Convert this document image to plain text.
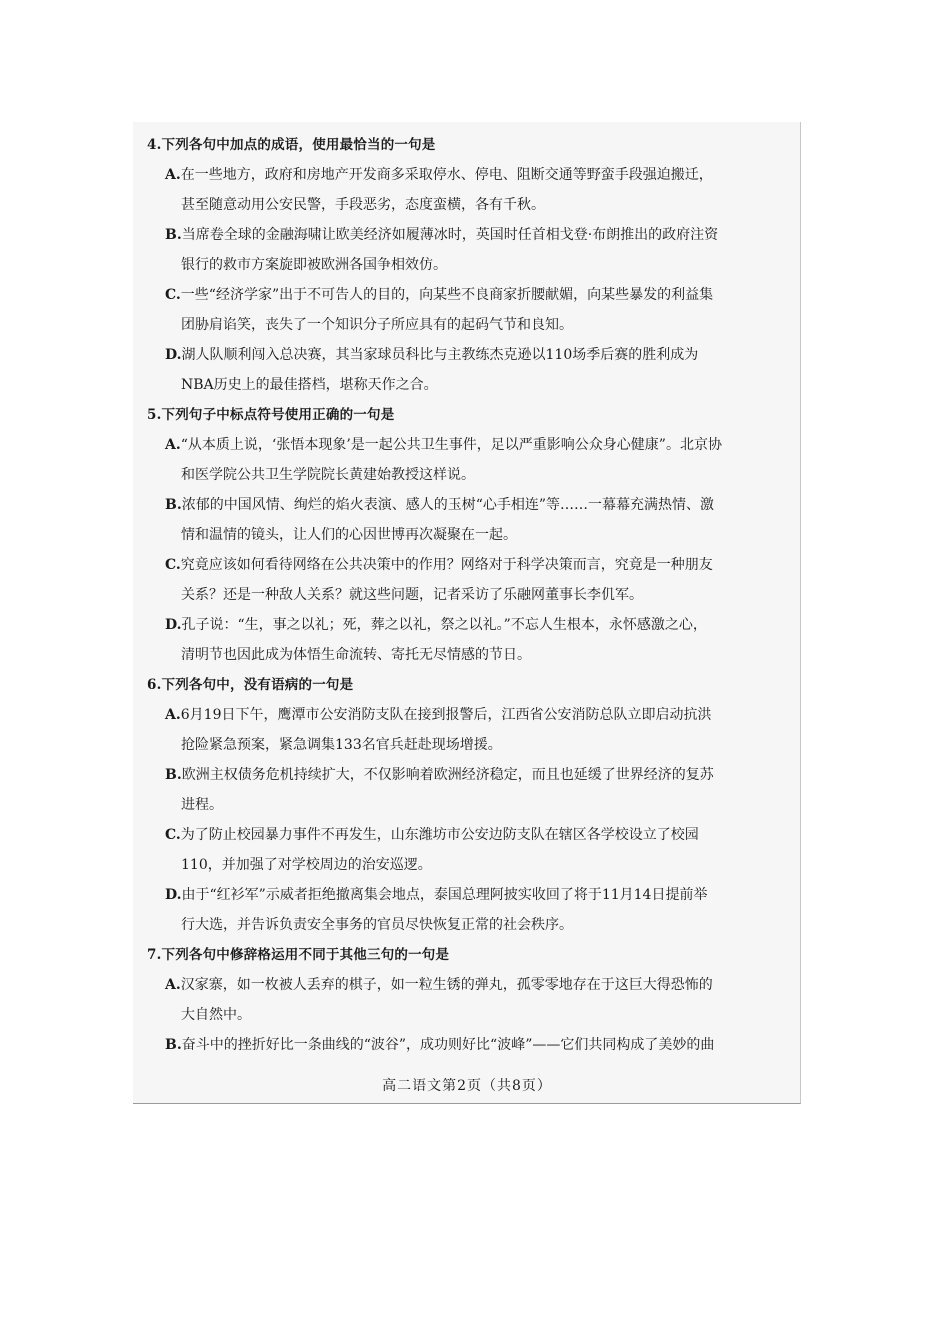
4.下列各句中加点的成语，使用最恰当的一句是
A.在一些地方，政府和房地产开发商多采取停水、停电、阻断交通等野蛮手段强迫搬迁，
甚至随意动用公安民警，手段恶劣，态度蛮横，各有千秋。
B.当席卷全球的金融海啸让欧美经济如履薄冰时，英国时任首相戈登·布朗推出的政府注资
银行的救市方案旋即被欧洲各国争相效仿。
C.一些“经济学家”出于不可告人的目的，向某些不良商家折腰献媚，向某些暴发的利益集
团胁肩谄笑，丧失了一个知识分子所应具有的起码气节和良知。
D.湖人队顺利闯入总决赛，其当家球员科比与主教练杰克逊以110场季后赛的胜利成为
NBA历史上的最佳搭档，堪称天作之合。
5.下列句子中标点符号使用正确的一句是
A.“从本质上说，‘张悟本现象’是一起公共卫生事件，足以严重影响公众身心健康”。北京协
和医学院公共卫生学院院长黄建始教授这样说。
B.浓郁的中国风情、绚烂的焰火表演、感人的玉树“心手相连”等……一幕幕充满热情、激
情和温情的镜头，让人们的心因世博再次凝聚在一起。
C.究竟应该如何看待网络在公共决策中的作用？网络对于科学决策而言，究竟是一种朋友
关系？还是一种敌人关系？就这些问题，记者采访了乐融网董事长李仉军。
D.孔子说：“生，事之以礼；死，葬之以礼，祭之以礼。”不忘人生根本，永怀感激之心，
清明节也因此成为体悟生命流转、寄托无尽情感的节日。
6.下列各句中，没有语病的一句是
A.6月19日下午，鹰潭市公安消防支队在接到报警后，江西省公安消防总队立即启动抗洪
抢险紧急预案，紧急调集133名官兵赶赴现场增援。
B.欧洲主权债务危机持续扩大，不仅影响着欧洲经济稳定，而且也延缓了世界经济的复苏
进程。
C.为了防止校园暴力事件不再发生，山东潍坊市公安边防支队在辖区各学校设立了校园
110，并加强了对学校周边的治安巡逻。
D.由于“红衫军”示威者拒绝撤离集会地点，泰国总理阿披实收回了将于11月14日提前举
行大选，并告诉负责安全事务的官员尽快恢复正常的社会秩序。
7.下列各句中修辞格运用不同于其他三句的一句是
A.汉家寨，如一枚被人丢弃的棋子，如一粒生锈的弹丸，孤零零地存在于这巨大得恐怖的
大自然中。
B.奋斗中的挫折好比一条曲线的“波谷”，成功则好比“波峰”——它们共同构成了美妙的曲
高二语文第2页（共8页）
